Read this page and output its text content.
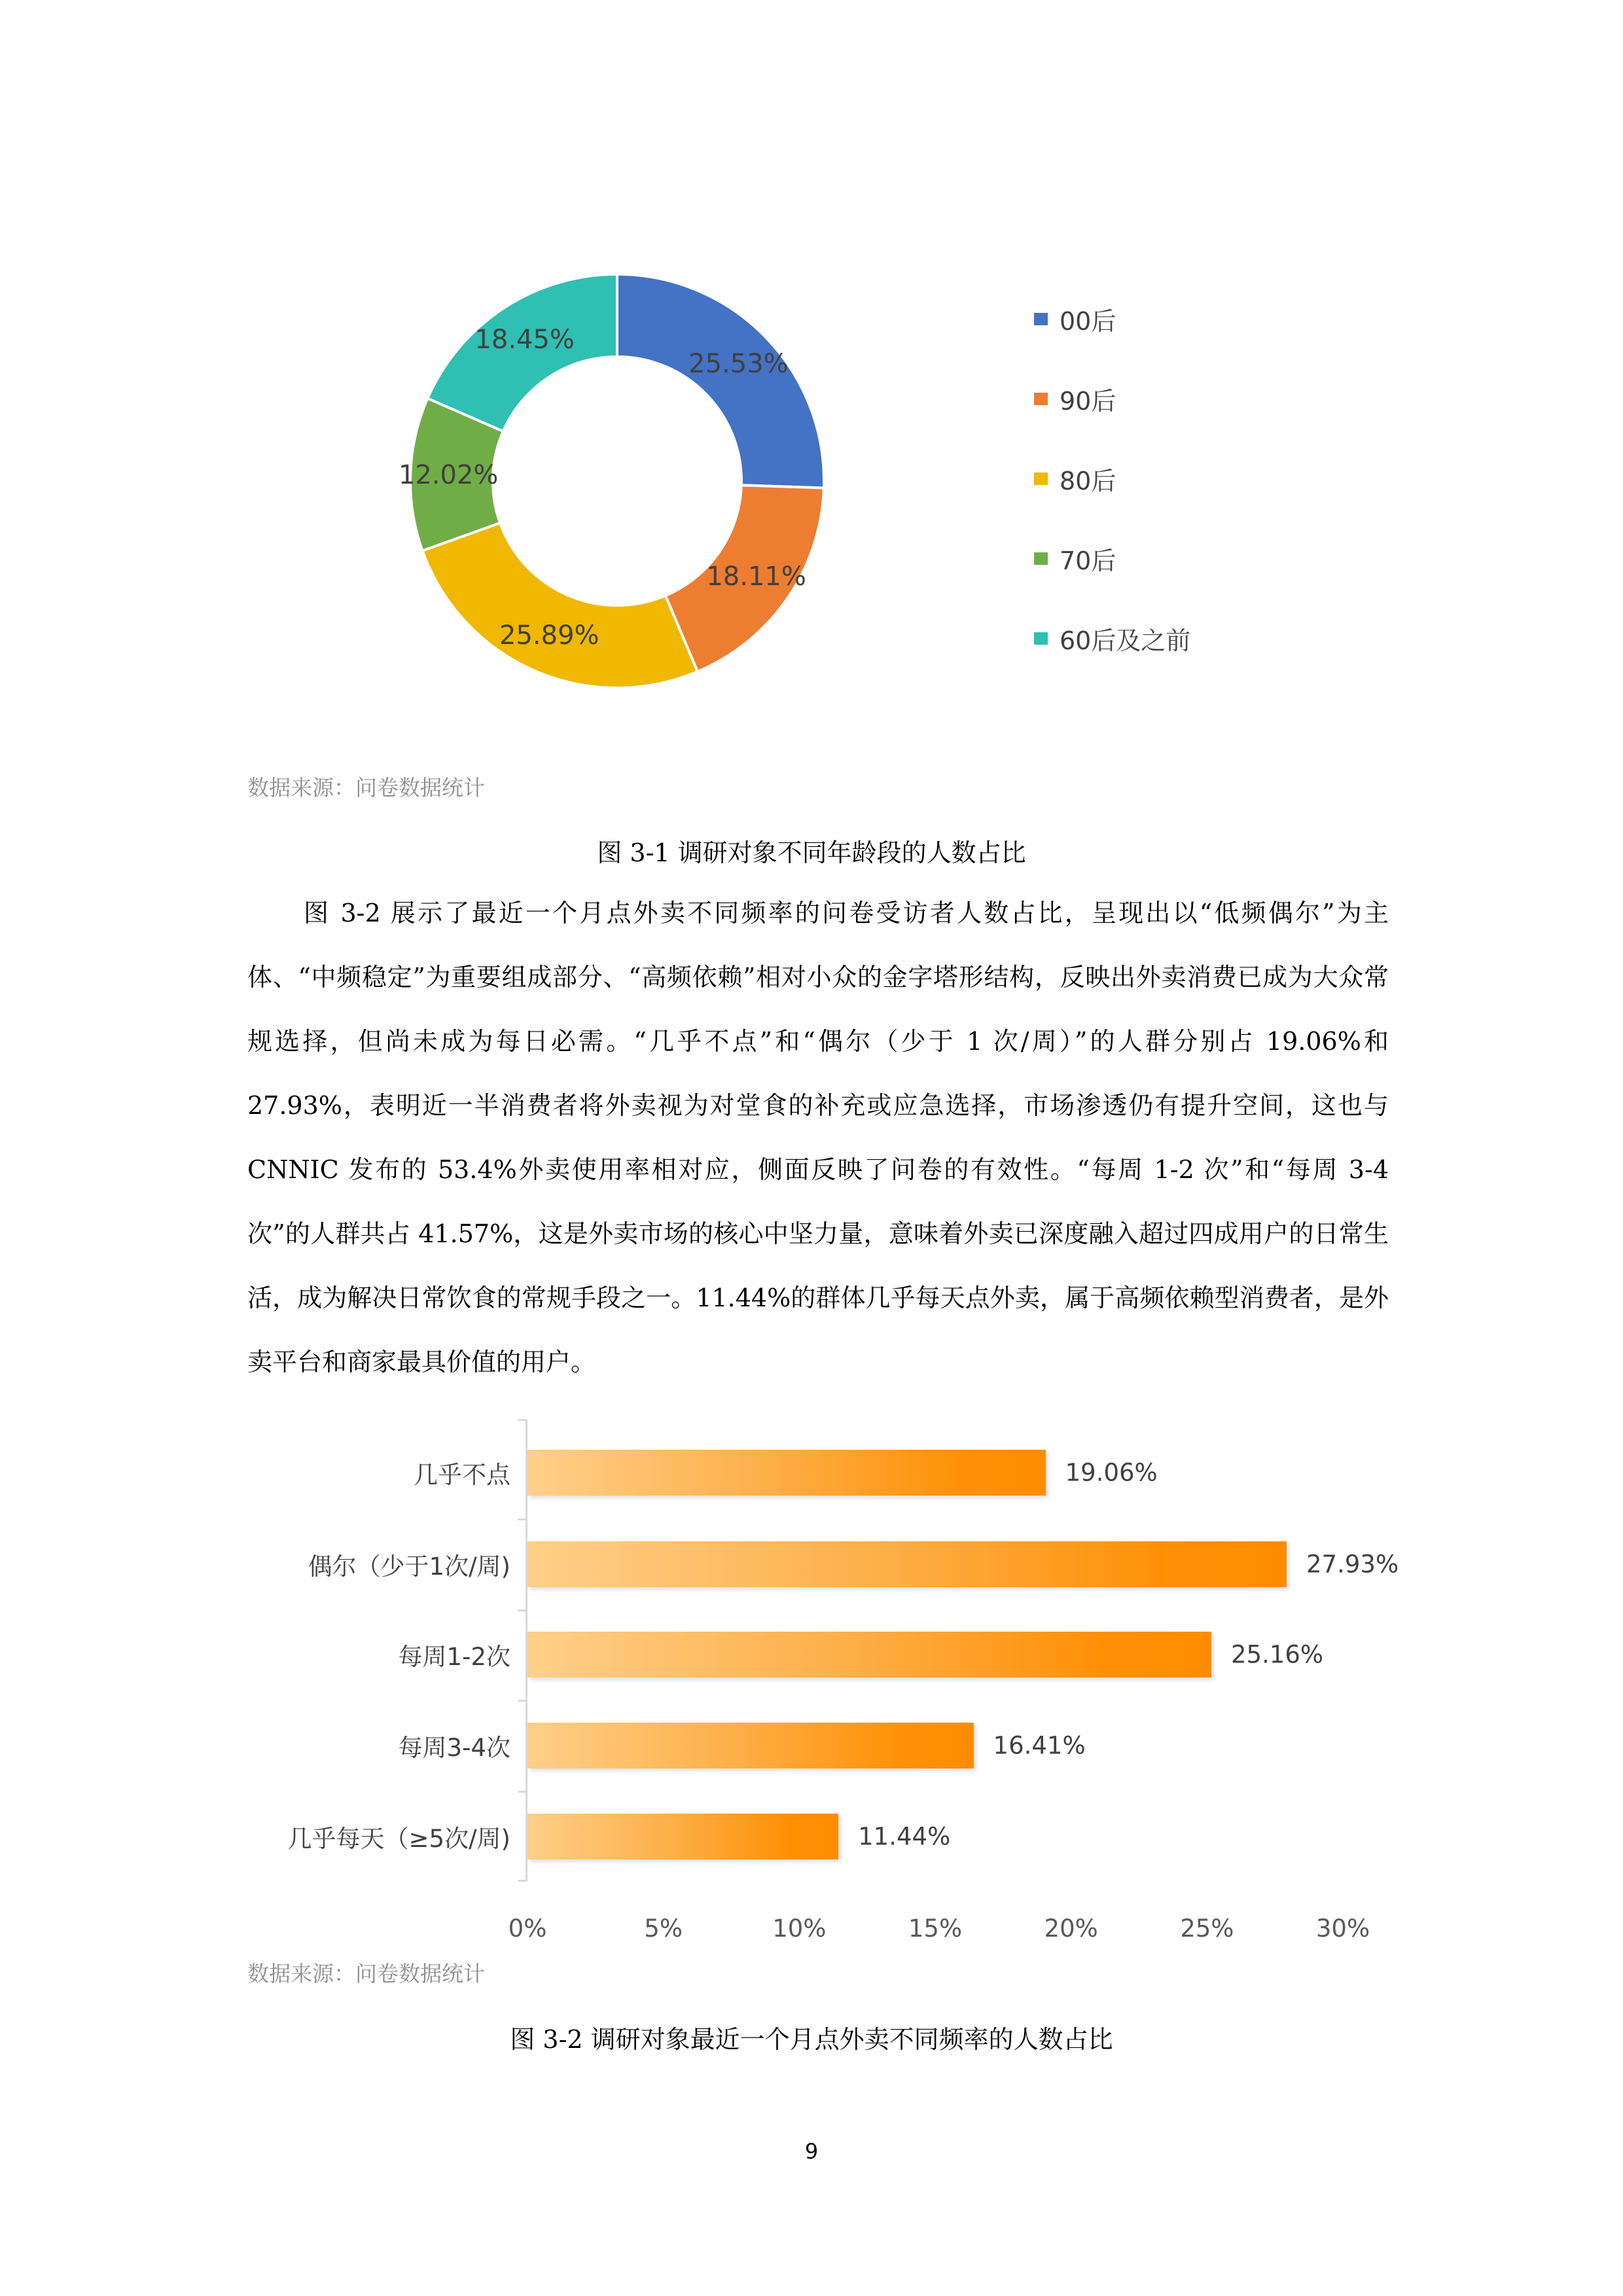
25.53%
18.11%
25.89%
12.02%
18.45%
00后
90后
80后
70后
60后及之前
数据来源：问卷数据统计
图 3-1 调研对象不同年龄段的人数占比

图 3-2 展示了最近一个月点外卖不同频率的问卷受访者人数占比，呈现出以“低频偶尔”为主体、“中频稳定”为重要组成部分、“高频依赖”相对小众的金字塔形结构，反映出外卖消费已成为大众常规选择，但尚未成为每日必需。“几乎不点”和“偶尔（少于 1 次/周）”的人群分别占 19.06%和 27.93%，表明近一半消费者将外卖视为对堂食的补充或应急选择，市场渗透仍有提升空间，这也与 CNNIC 发布的 53.4%外卖使用率相对应，侧面反映了问卷的有效性。“每周 1-2 次”和“每周 3-4 次”的人群共占 41.57%，这是外卖市场的核心中坚力量，意味着外卖已深度融入超过四成用户的日常生活，成为解决日常饮食的常规手段之一。11.44%的群体几乎每天点外卖，属于高频依赖型消费者，是外卖平台和商家最具价值的用户。

几乎不点	19.06%
偶尔（少于1次/周)	27.93%
每周1-2次	25.16%
每周3-4次	16.41%
几乎每天（≥5次/周)	11.44%
0%	5%	10%	15%	20%	25%	30%
数据来源：问卷数据统计
图 3-2 调研对象最近一个月点外卖不同频率的人数占比
9
